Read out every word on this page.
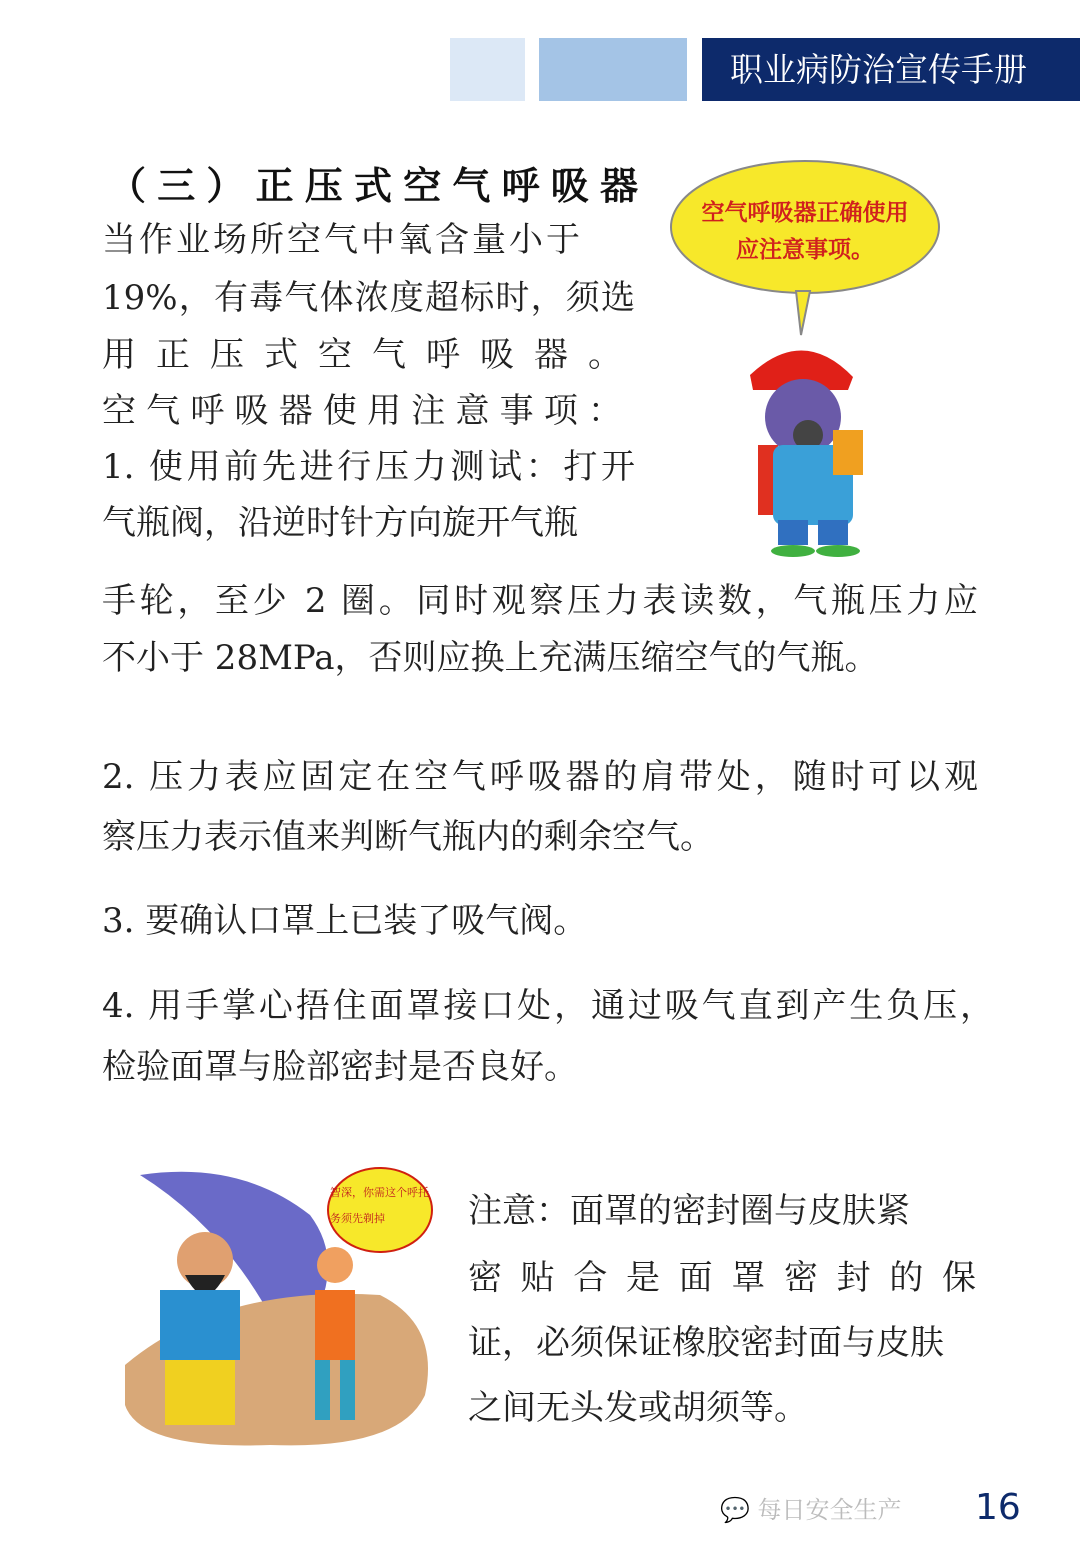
职业病防治宣传手册
（三）正压式空气呼吸器
当作业场所空气中氧含量小于
19%，有毒气体浓度超标时，须选
用正压式空气呼吸器。
空气呼吸器使用注意事项：
1. 使用前先进行压力测试：打开
气瓶阀，沿逆时针方向旋开气瓶
空气呼吸器正确使用
应注意事项。
手轮，至少 2 圈。同时观察压力表读数，气瓶压力应
不小于 28MPa，否则应换上充满压缩空气的气瓶。
2. 压力表应固定在空气呼吸器的肩带处，随时可以观
察压力表示值来判断气瓶内的剩余空气。
3. 要确认口罩上已装了吸气阀。
4. 用手掌心捂住面罩接口处，通过吸气直到产生负压，
检验面罩与脸部密封是否良好。
智深，你需这个呼托
务须先剃掉	注意：面罩的密封圈与皮肤紧
密贴合是面罩密封的保
证，必须保证橡胶密封面与皮肤
之间无头发或胡须等。
💬 每日安全生产 16
